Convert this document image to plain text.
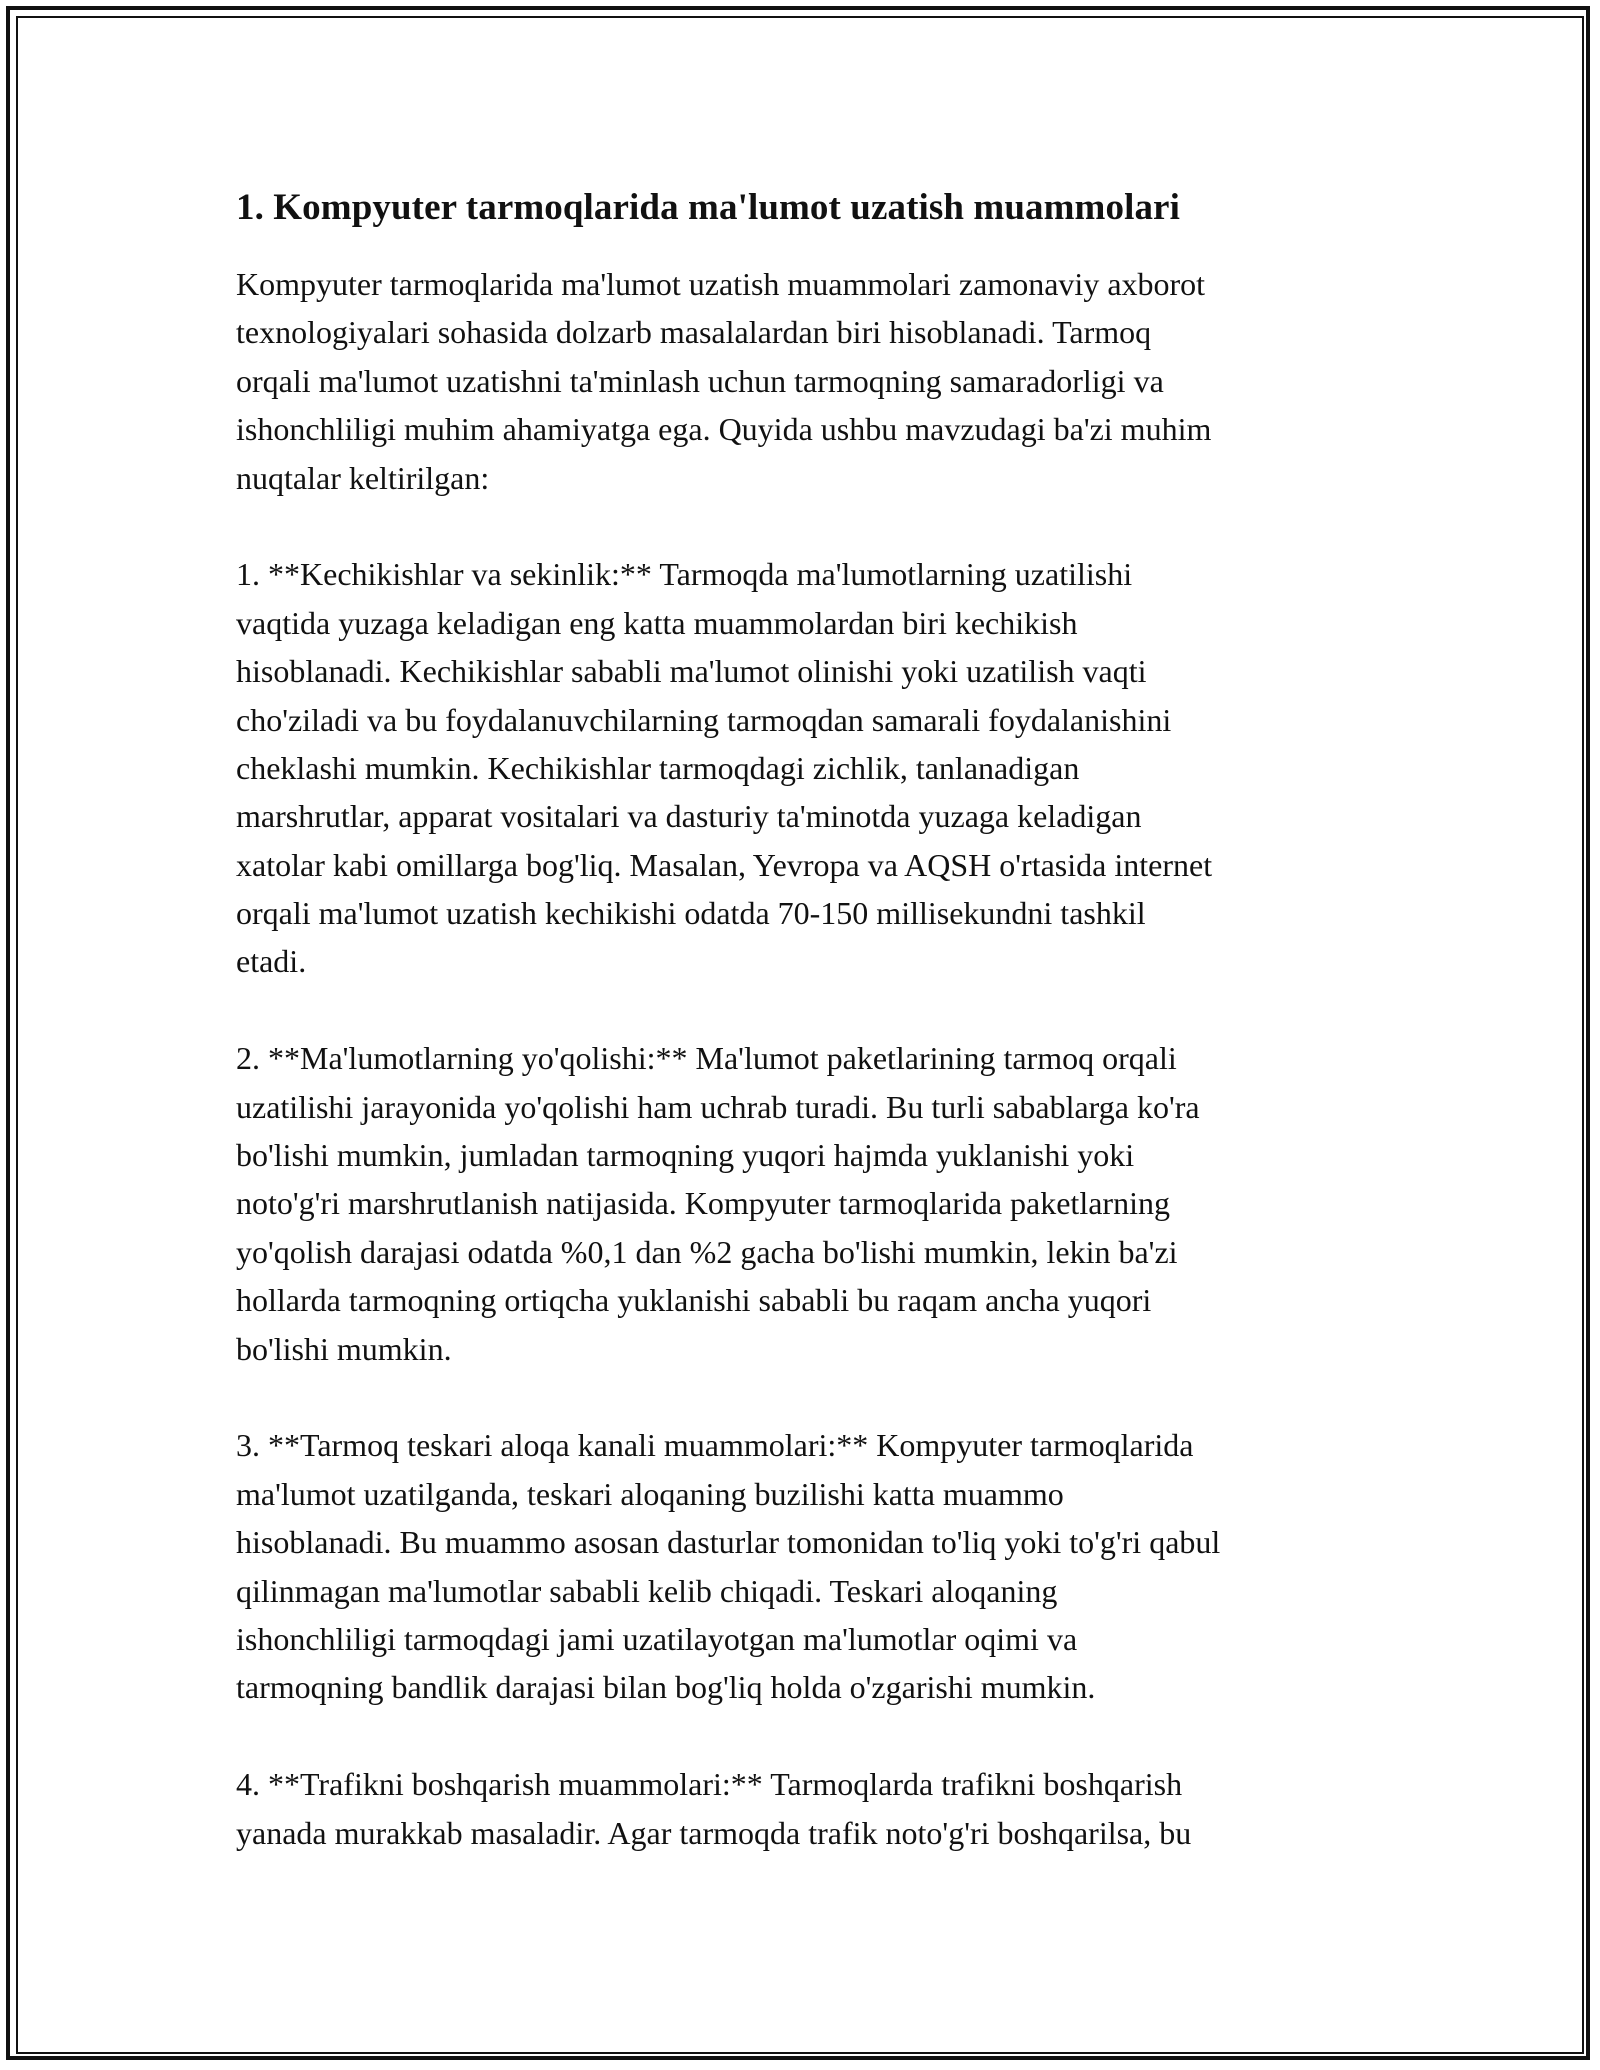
1. Kompyuter tarmoqlarida ma'lumot uzatish muammolari

Kompyuter tarmoqlarida ma'lumot uzatish muammolari zamonaviy axborot
texnologiyalari sohasida dolzarb masalalardan biri hisoblanadi. Tarmoq
orqali ma'lumot uzatishni ta'minlash uchun tarmoqning samaradorligi va
ishonchliligi muhim ahamiyatga ega. Quyida ushbu mavzudagi ba'zi muhim
nuqtalar keltirilgan:

1. **Kechikishlar va sekinlik:** Tarmoqda ma'lumotlarning uzatilishi
vaqtida yuzaga keladigan eng katta muammolardan biri kechikish
hisoblanadi. Kechikishlar sababli ma'lumot olinishi yoki uzatilish vaqti
cho'ziladi va bu foydalanuvchilarning tarmoqdan samarali foydalanishini
cheklashi mumkin. Kechikishlar tarmoqdagi zichlik, tanlanadigan
marshrutlar, apparat vositalari va dasturiy ta'minotda yuzaga keladigan
xatolar kabi omillarga bog'liq. Masalan, Yevropa va AQSH o'rtasida internet
orqali ma'lumot uzatish kechikishi odatda 70-150 millisekundni tashkil
etadi.

2. **Ma'lumotlarning yo'qolishi:** Ma'lumot paketlarining tarmoq orqali
uzatilishi jarayonida yo'qolishi ham uchrab turadi. Bu turli sabablarga ko'ra
bo'lishi mumkin, jumladan tarmoqning yuqori hajmda yuklanishi yoki
noto'g'ri marshrutlanish natijasida. Kompyuter tarmoqlarida paketlarning
yo'qolish darajasi odatda %0,1 dan %2 gacha bo'lishi mumkin, lekin ba'zi
hollarda tarmoqning ortiqcha yuklanishi sababli bu raqam ancha yuqori
bo'lishi mumkin.

3. **Tarmoq teskari aloqa kanali muammolari:** Kompyuter tarmoqlarida
ma'lumot uzatilganda, teskari aloqaning buzilishi katta muammo
hisoblanadi. Bu muammo asosan dasturlar tomonidan to'liq yoki to'g'ri qabul
qilinmagan ma'lumotlar sababli kelib chiqadi. Teskari aloqaning
ishonchliligi tarmoqdagi jami uzatilayotgan ma'lumotlar oqimi va
tarmoqning bandlik darajasi bilan bog'liq holda o'zgarishi mumkin.

4. **Trafikni boshqarish muammolari:** Tarmoqlarda trafikni boshqarish
yanada murakkab masaladir. Agar tarmoqda trafik noto'g'ri boshqarilsa, bu
